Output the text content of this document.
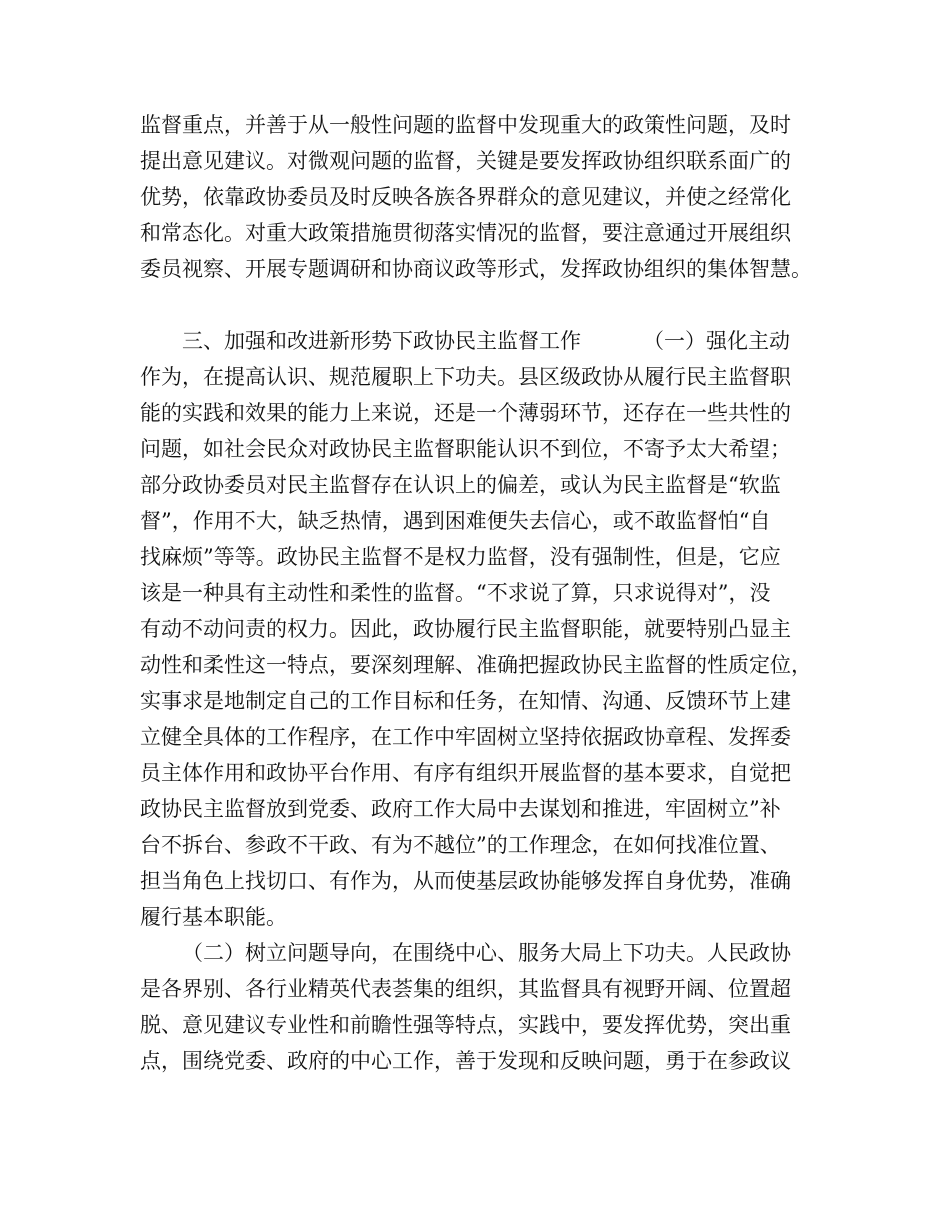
监督重点，并善于从一般性问题的监督中发现重大的政策性问题，及时
提出意见建议。对微观问题的监督，关键是要发挥政协组织联系面广的
优势，依靠政协委员及时反映各族各界群众的意见建议，并使之经常化
和常态化。对重大政策措施贯彻落实情况的监督，要注意通过开展组织
委员视察、开展专题调研和协商议政等形式，发挥政协组织的集体智慧。
三、加强和改进新形势下政协民主监督工作	（一）强化主动
作为，在提高认识、规范履职上下功夫。县区级政协从履行民主监督职
能的实践和效果的能力上来说，还是一个薄弱环节，还存在一些共性的
问题，如社会民众对政协民主监督职能认识不到位，不寄予太大希望；
部分政协委员对民主监督存在认识上的偏差，或认为民主监督是“软监
督”，作用不大，缺乏热情，遇到困难便失去信心，或不敢监督怕“自
找麻烦”等等。政协民主监督不是权力监督，没有强制性，但是，它应
该是一种具有主动性和柔性的监督。“不求说了算，只求说得对”，没
有动不动问责的权力。因此，政协履行民主监督职能，就要特别凸显主
动性和柔性这一特点，要深刻理解、准确把握政协民主监督的性质定位，
实事求是地制定自己的工作目标和任务，在知情、沟通、反馈环节上建
立健全具体的工作程序，在工作中牢固树立坚持依据政协章程、发挥委
员主体作用和政协平台作用、有序有组织开展监督的基本要求，自觉把
政协民主监督放到党委、政府工作大局中去谋划和推进，牢固树立”补
台不拆台、参政不干政、有为不越位”的工作理念，在如何找准位置、
担当角色上找切口、有作为，从而使基层政协能够发挥自身优势，准确
履行基本职能。
（二）树立问题导向，在围绕中心、服务大局上下功夫。人民政协
是各界别、各行业精英代表荟集的组织，其监督具有视野开阔、位置超
脱、意见建议专业性和前瞻性强等特点，实践中，要发挥优势，突出重
点，围绕党委、政府的中心工作，善于发现和反映问题，勇于在参政议
